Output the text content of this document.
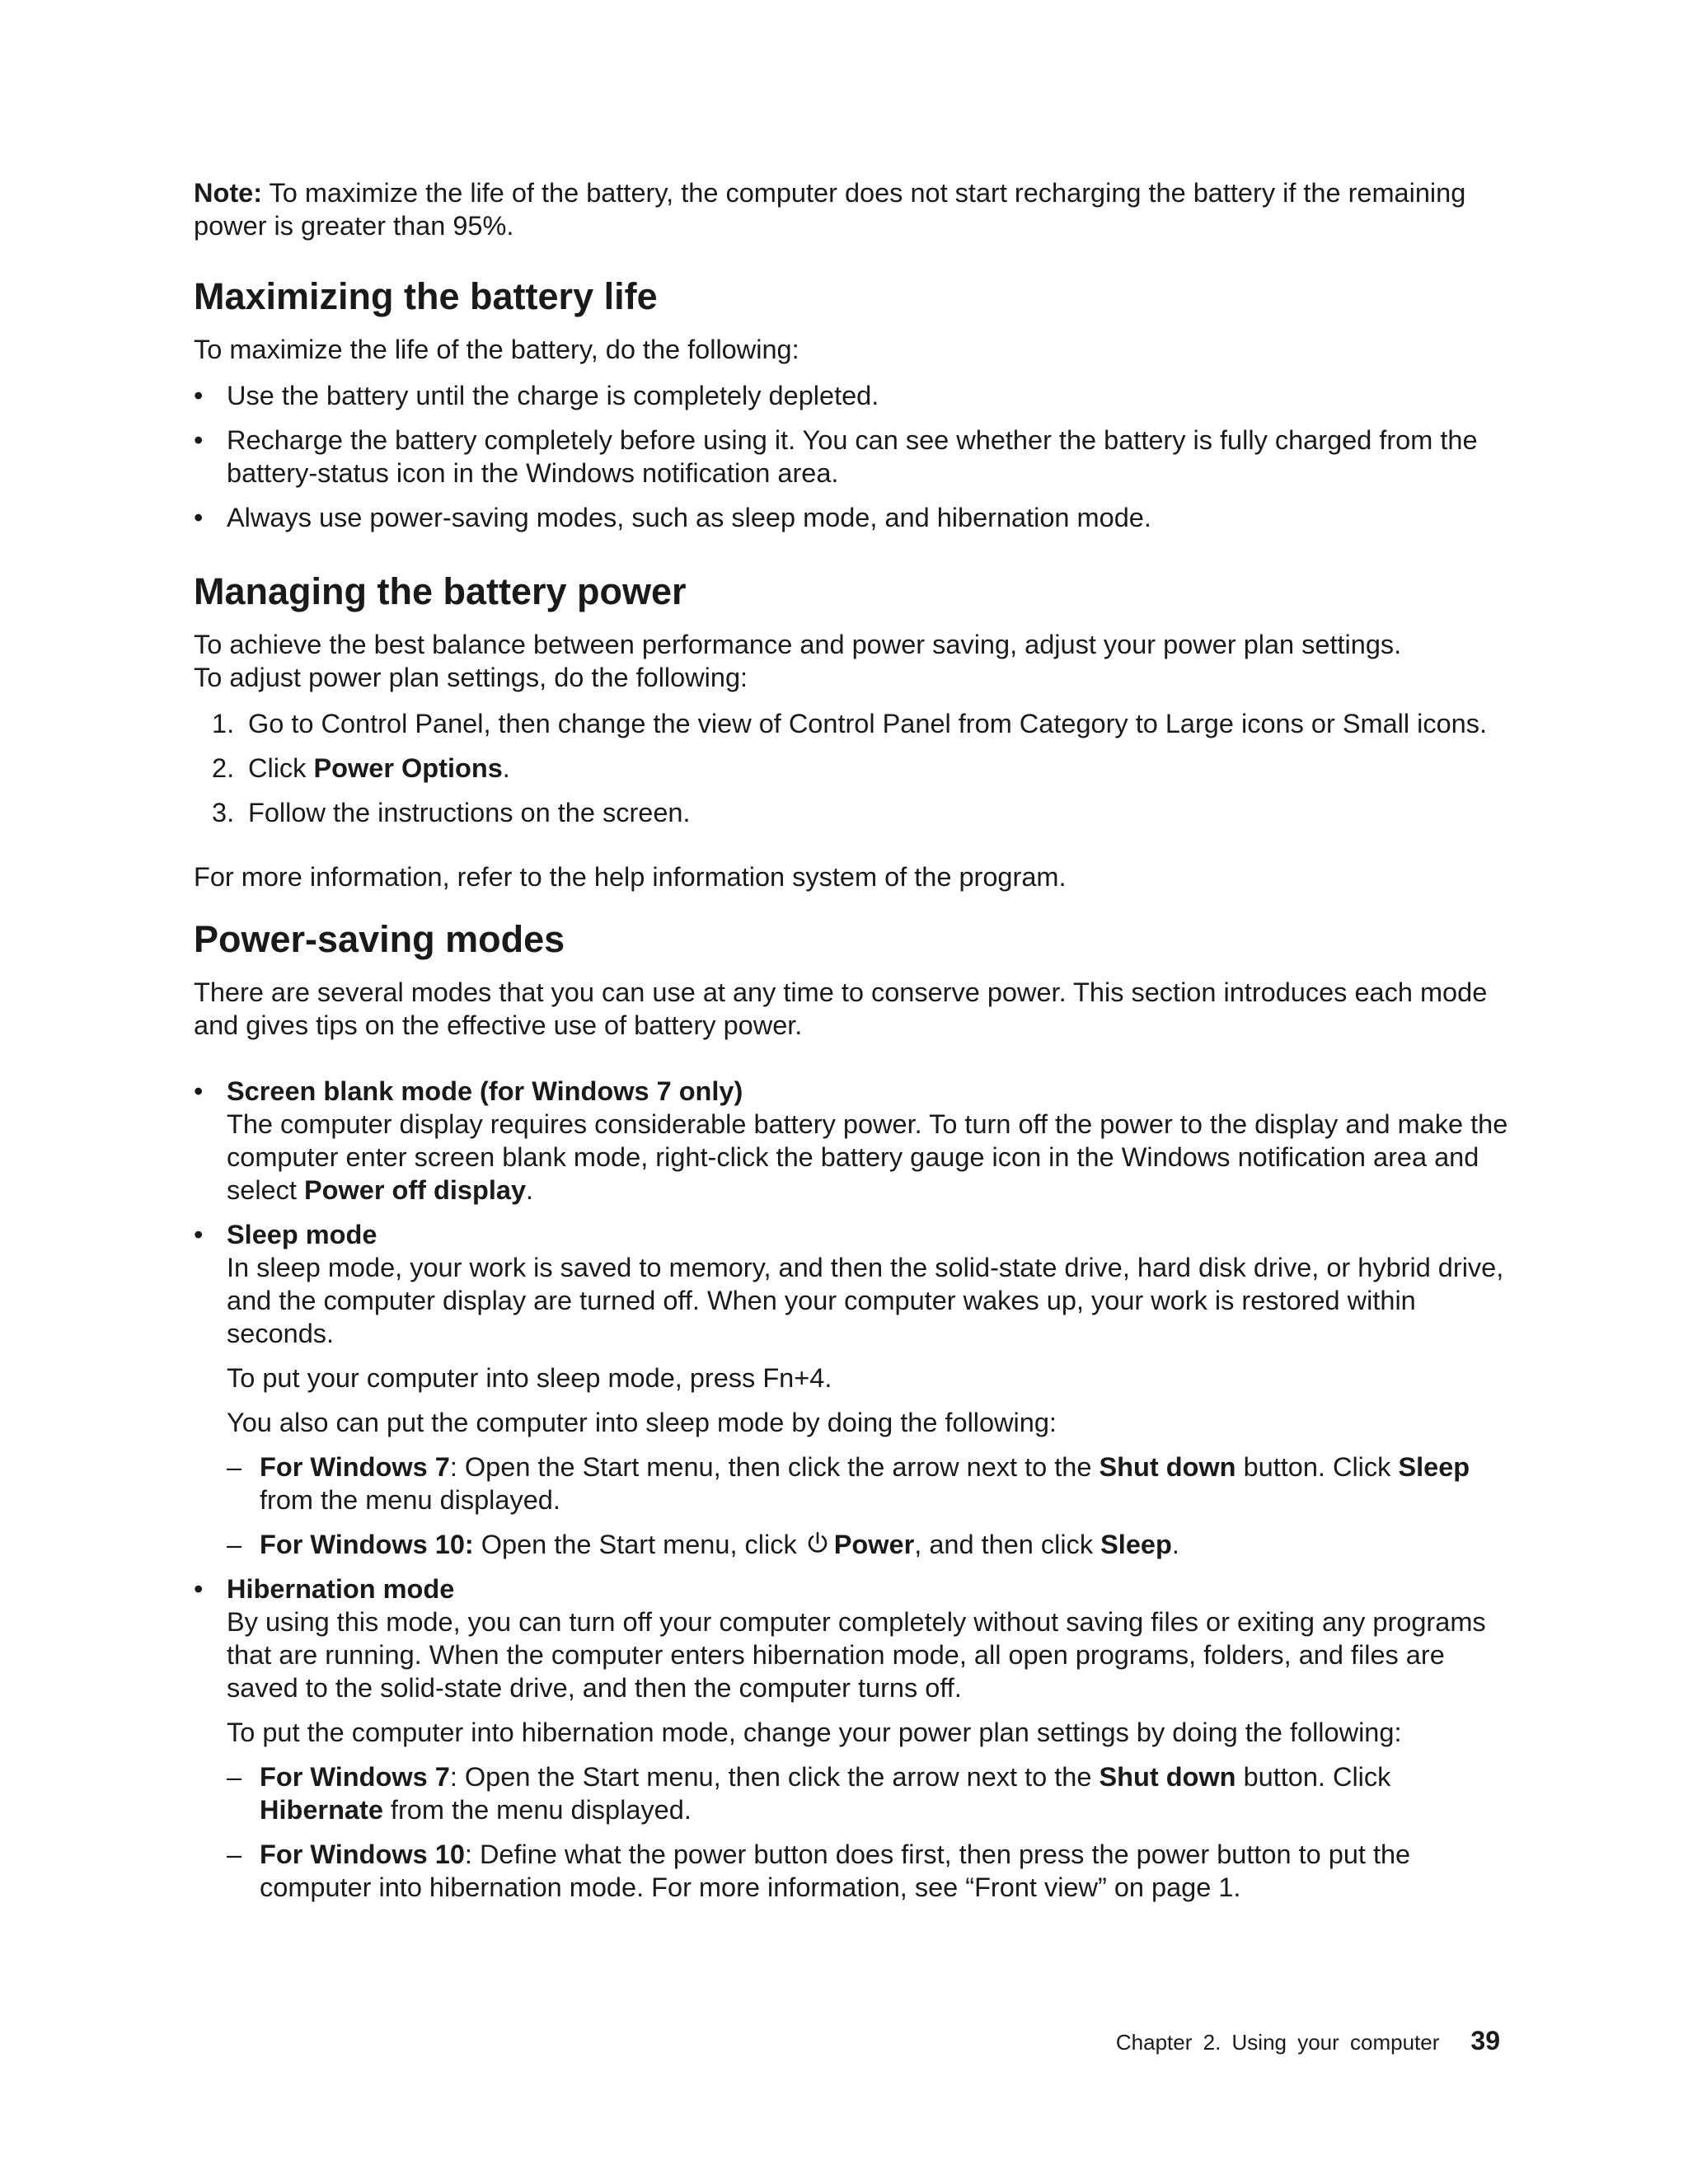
Note: To maximize the life of the battery, the computer does not start recharging the battery if the remaining power is greater than 95%.

Maximizing the battery life

To maximize the life of the battery, do the following:

• Use the battery until the charge is completely depleted.
• Recharge the battery completely before using it. You can see whether the battery is fully charged from the battery-status icon in the Windows notification area.
• Always use power-saving modes, such as sleep mode, and hibernation mode.
Managing the battery power

To achieve the best balance between performance and power saving, adjust your power plan settings.

To adjust power plan settings, do the following:

1. Go to Control Panel, then change the view of Control Panel from Category to Large icons or Small icons.
2. Click Power Options.
3. Follow the instructions on the screen.

For more information, refer to the help information system of the program.

Power-saving modes

There are several modes that you can use at any time to conserve power. This section introduces each mode and gives tips on the effective use of battery power.

• Screen blank mode (for Windows 7 only)
The computer display requires considerable battery power. To turn off the power to the display and make the computer enter screen blank mode, right-click the battery gauge icon in the Windows notification area and select Power off display.
• Sleep mode

In sleep mode, your work is saved to memory, and then the solid-state drive, hard disk drive, or hybrid drive, and the computer display are turned off. When your computer wakes up, your work is restored within seconds.

To put your computer into sleep mode, press Fn+4.

You also can put the computer into sleep mode by doing the following:

– For Windows 7: Open the Start menu, then click the arrow next to the Shut down button. Click Sleep from the menu displayed.
– For Windows 10: Open the Start menu, click Power, and then click Sleep.
• Hibernation mode

By using this mode, you can turn off your computer completely without saving files or exiting any programs that are running. When the computer enters hibernation mode, all open programs, folders, and files are saved to the solid-state drive, and then the computer turns off.

To put the computer into hibernation mode, change your power plan settings by doing the following:

– For Windows 7: Open the Start menu, then click the arrow next to the Shut down button. Click Hibernate from the menu displayed.
– For Windows 10: Define what the power button does first, then press the power button to put the computer into hibernation mode. For more information, see “Front view” on page 1.
Chapter 2. Using your computer 39
